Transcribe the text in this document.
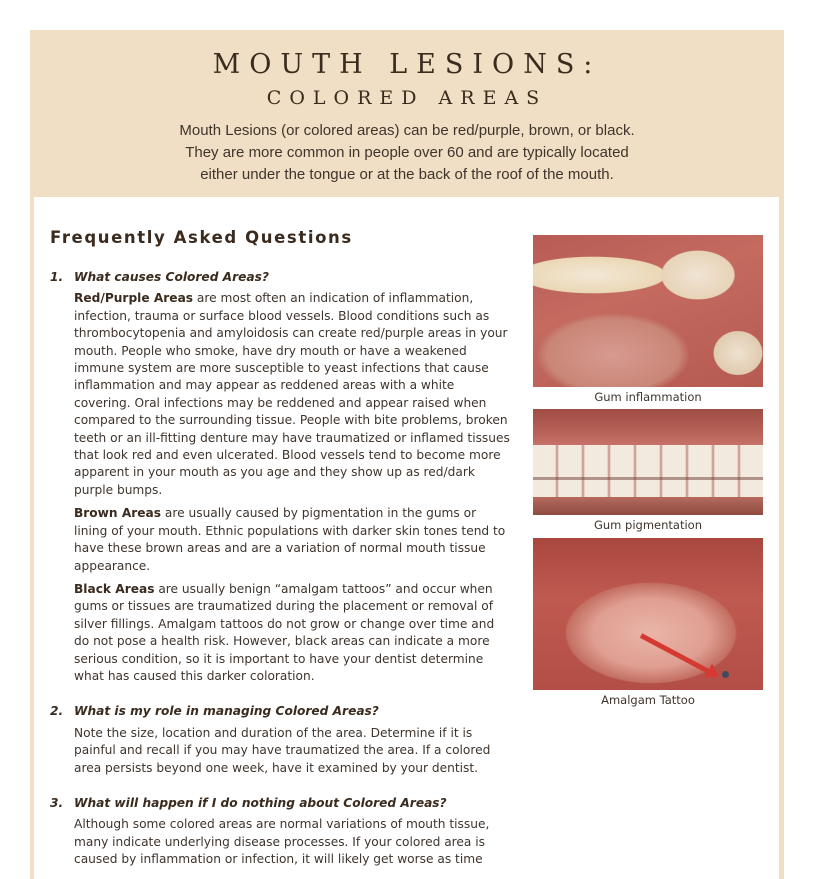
MOUTH LESIONS:
COLORED AREAS
Mouth Lesions (or colored areas) can be red/purple, brown, or black.
They are more common in people over 60 and are typically located
either under the tongue or at the back of the roof of the mouth.
Frequently Asked Questions
1. What causes Colored Areas?

Red/Purple Areas are most often an indication of inflammation, infection, trauma or surface blood vessels. Blood conditions such as thrombocytopenia and amyloidosis can create red/purple areas in your mouth. People who smoke, have dry mouth or have a weakened immune system are more susceptible to yeast infections that cause inflammation and may appear as reddened areas with a white covering. Oral infections may be reddened and appear raised when compared to the surrounding tissue. People with bite problems, broken teeth or an ill-fitting denture may have traumatized or inflamed tissues that look red and even ulcerated. Blood vessels tend to become more apparent in your mouth as you age and they show up as red/dark purple bumps.

Brown Areas are usually caused by pigmentation in the gums or lining of your mouth. Ethnic populations with darker skin tones tend to have these brown areas and are a variation of normal mouth tissue appearance.

Black Areas are usually benign “amalgam tattoos” and occur when gums or tissues are traumatized during the placement or removal of silver fillings. Amalgam tattoos do not grow or change over time and do not pose a health risk. However, black areas can indicate a more serious condition, so it is important to have your dentist determine what has caused this darker coloration.

2. What is my role in managing Colored Areas?

Note the size, location and duration of the area. Determine if it is painful and recall if you may have traumatized the area. If a colored area persists beyond one week, have it examined by your dentist.

3. What will happen if I do nothing about Colored Areas?

Although some colored areas are normal variations of mouth tissue, many indicate underlying disease processes. If your colored area is caused by inflammation or infection, it will likely get worse as time

Gum inflammation
Gum pigmentation
Amalgam Tattoo
